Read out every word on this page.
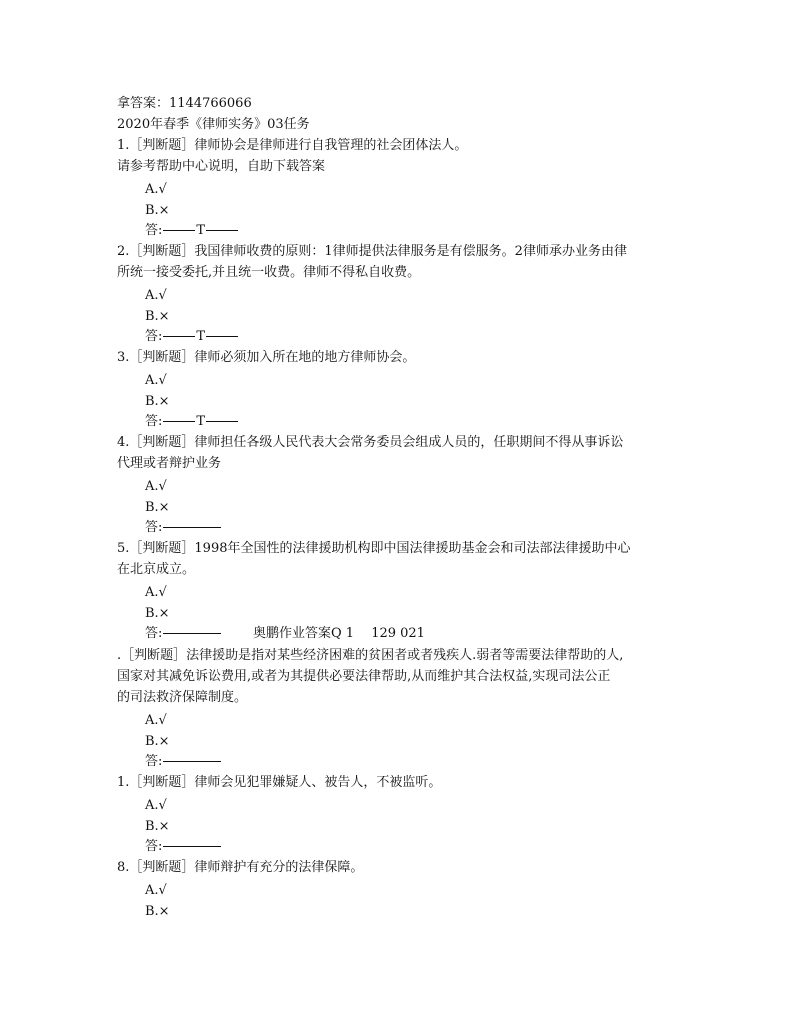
拿答案：1144766066
2020年春季《律师实务》03任务
1.［判断题］律师协会是律师进行自我管理的社会团体法人。
请参考帮助中心说明，自助下载答案
A.√
B.×
答:	T
2.［判断题］我国律师收费的原则：1律师提供法律服务是有偿服务。2律师承办业务由律
所统一接受委托,并且统一收费。律师不得私自收费。
A.√
B.×
答:	T
3.［判断题］律师必须加入所在地的地方律师协会。
A.√
B.×
答:	T
4.［判断题］律师担任各级人民代表大会常务委员会组成人员的，任职期间不得从事诉讼
代理或者辩护业务
A.√
B.×
答:
5.［判断题］1998年全国性的法律援助机构即中国法律援助基金会和司法部法律援助中心
在北京成立。
A.√
B.×
答:	奥鹏作业答案Q 1　 129 021
.［判断题］法律援助是指对某些经济困难的贫困者或者残疾人.弱者等需要法律帮助的人,
国家对其减免诉讼费用,或者为其提供必要法律帮助,从而维护其合法权益,实现司法公正
的司法救济保障制度。
A.√
B.×
答:
1.［判断题］律师会见犯罪嫌疑人、被告人，不被监听。
A.√
B.×
答:
8.［判断题］律师辩护有充分的法律保障。
A.√
B.×
